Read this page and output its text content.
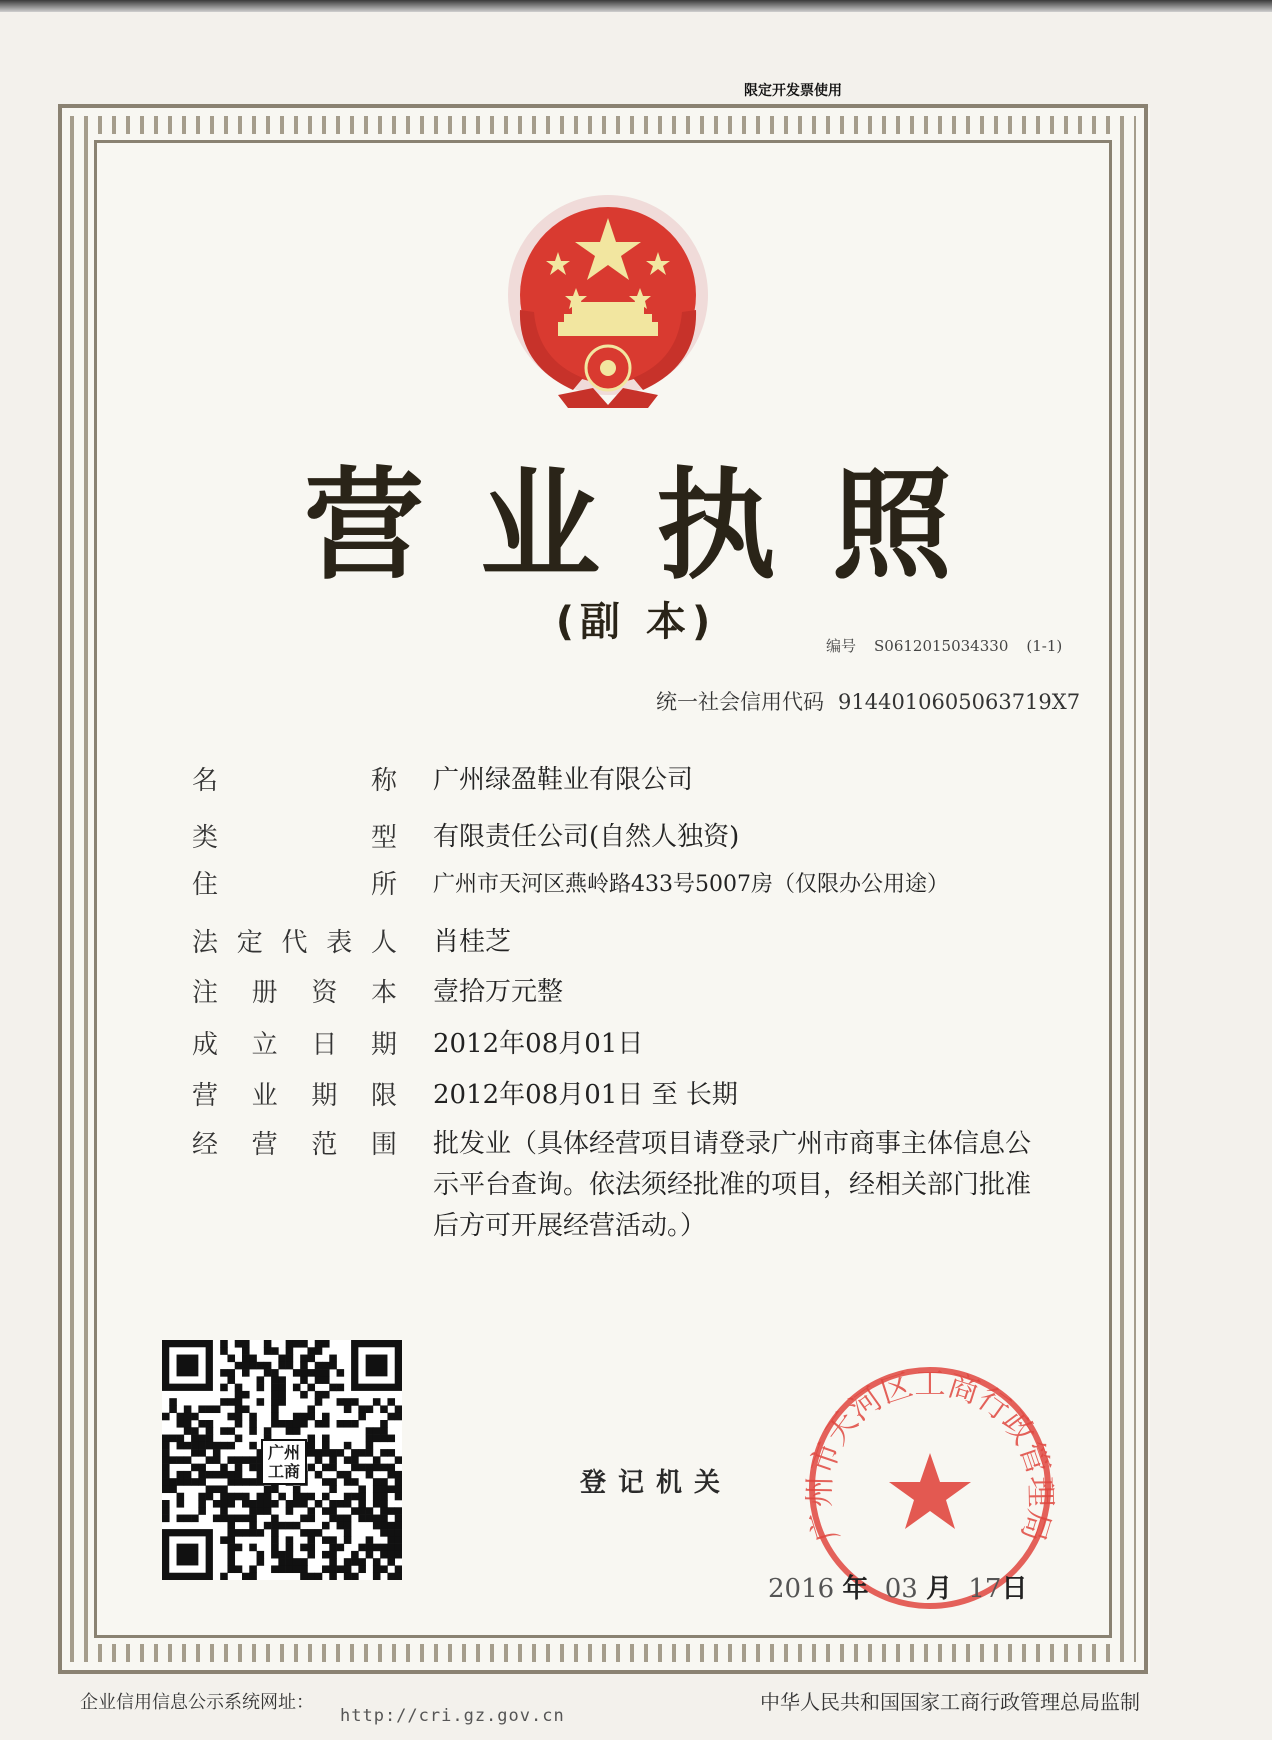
限定开发票使用
营业执照
(副 本)
编号 S0612015034330 (1-1)
统一社会信用代码 9144010605063719X7
名	称 广州绿盈鞋业有限公司
类	型 有限责任公司(自然人独资)
住	所 广州市天河区燕岭路433号5007房（仅限办公用途）
法 定 代 表 人 肖桂芝
注 册 资 本 壹拾万元整
成 立 日 期 2012年08月01日
营 业 期 限 2012年08月01日 至 长期
经 营 范 围 批发业（具体经营项目请登录广州市商事主体信息公示平台查询。依法须经批准的项目，经相关部门批准后方可开展经营活动。）
广州工商	登记机关
广州市天河区工商行政管理局
2016 年 03 月 17日
企业信用信息公示系统网址：
http://cri.gz.gov.cn
中华人民共和国国家工商行政管理总局监制
